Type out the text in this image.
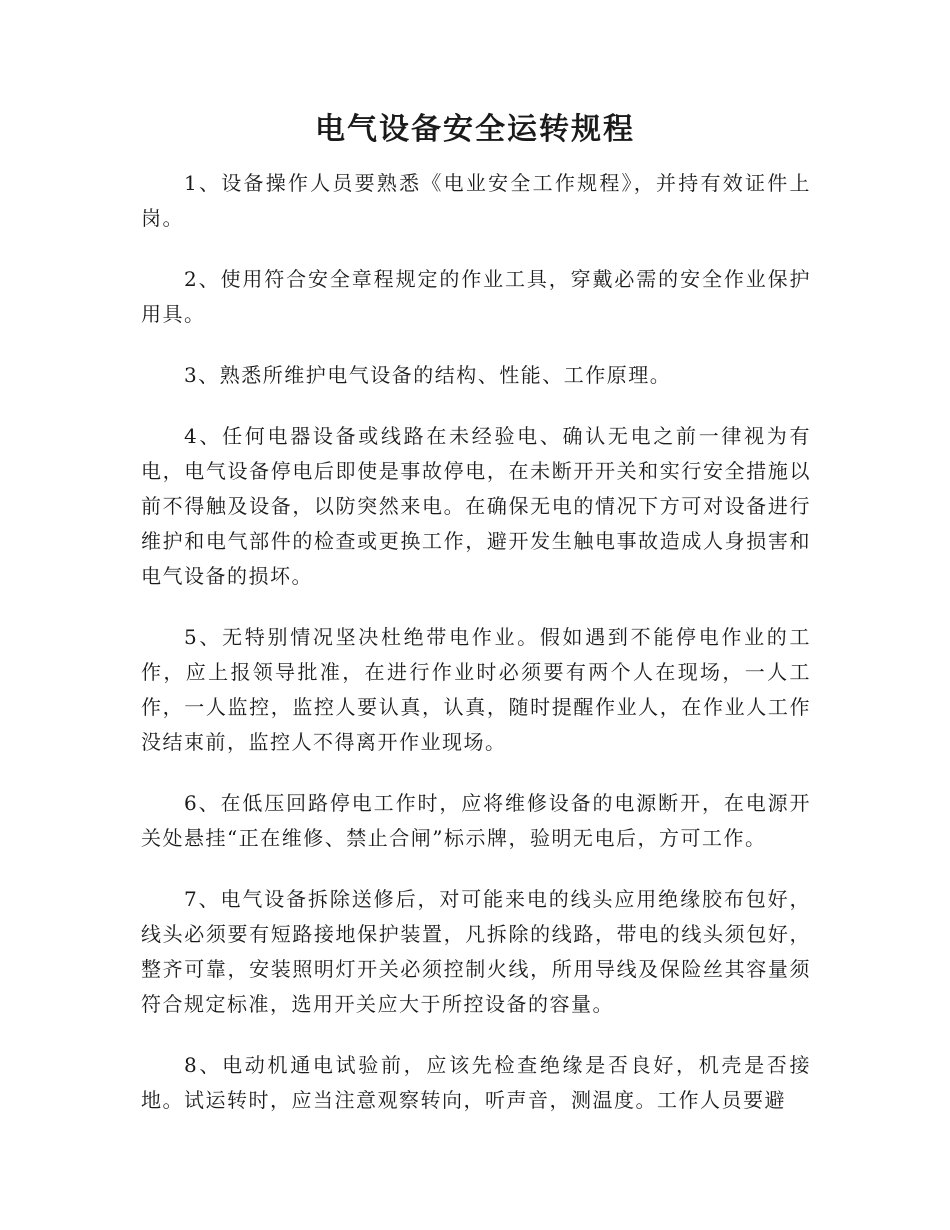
电气设备安全运转规程

1、设备操作人员要熟悉《电业安全工作规程》，并持有效证件上岗。

2、使用符合安全章程规定的作业工具，穿戴必需的安全作业保护用具。

3、熟悉所维护电气设备的结构、性能、工作原理。

4、任何电器设备或线路在未经验电、确认无电之前一律视为有电，电气设备停电后即使是事故停电，在未断开开关和实行安全措施以前不得触及设备，以防突然来电。在确保无电的情况下方可对设备进行维护和电气部件的检查或更换工作，避开发生触电事故造成人身损害和电气设备的损坏。

5、无特别情况坚决杜绝带电作业。假如遇到不能停电作业的工作，应上报领导批准，在进行作业时必须要有两个人在现场，一人工作，一人监控，监控人要认真，认真，随时提醒作业人，在作业人工作没结束前，监控人不得离开作业现场。

6、在低压回路停电工作时，应将维修设备的电源断开，在电源开关处悬挂“正在维修、禁止合闸”标示牌，验明无电后，方可工作。

7、电气设备拆除送修后，对可能来电的线头应用绝缘胶布包好，线头必须要有短路接地保护装置，凡拆除的线路，带电的线头须包好，整齐可靠，安装照明灯开关必须控制火线，所用导线及保险丝其容量须符合规定标准，选用开关应大于所控设备的容量。

8、电动机通电试验前，应该先检查绝缘是否良好，机壳是否接地。试运转时，应当注意观察转向，听声音，测温度。工作人员要避
